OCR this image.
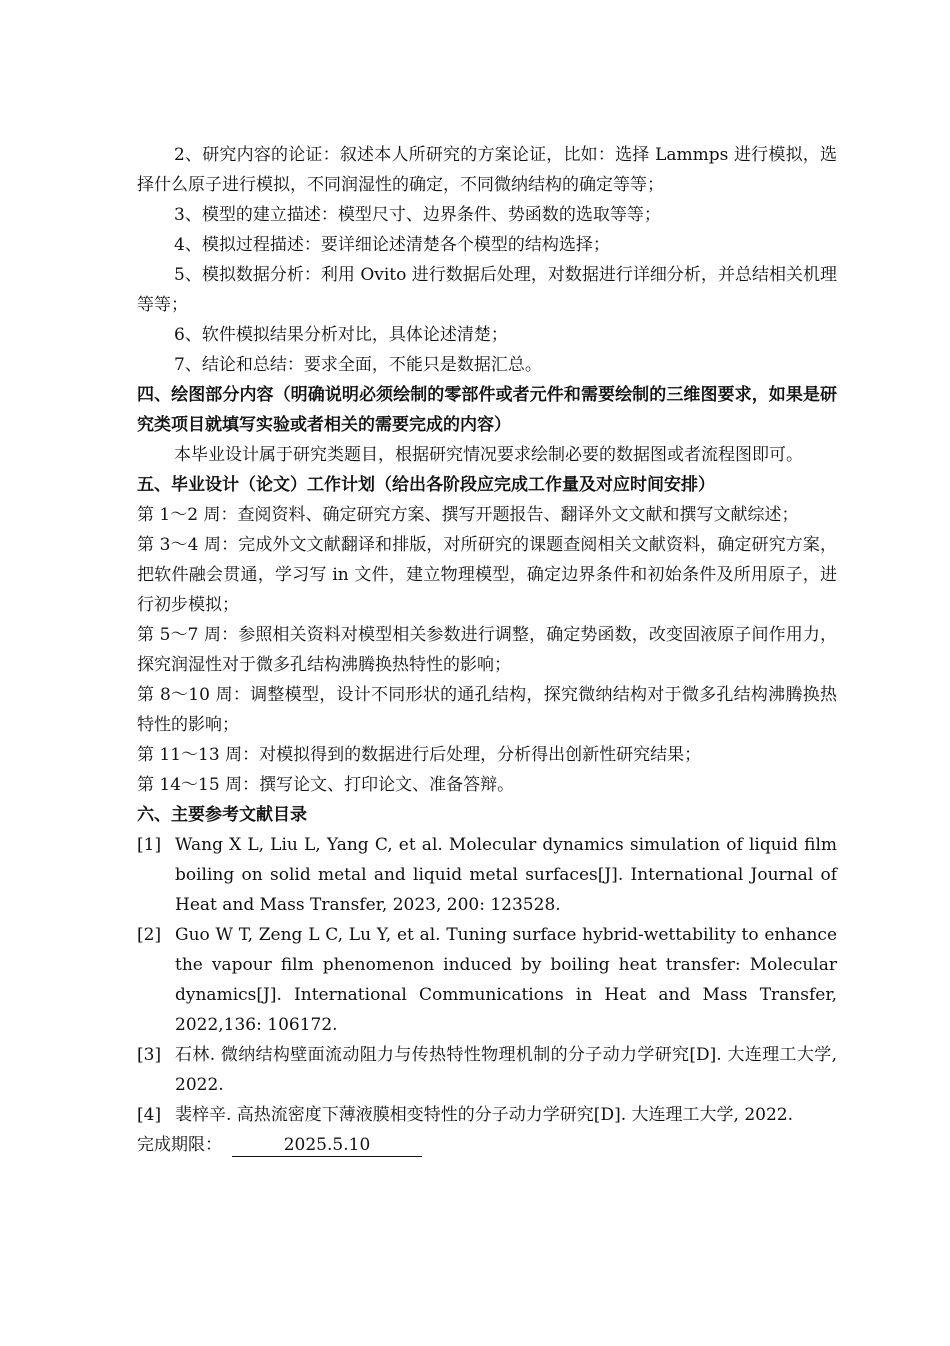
2、研究内容的论证：叙述本人所研究的方案论证，比如：选择 Lammps 进行模拟，选择什么原子进行模拟，不同润湿性的确定，不同微纳结构的确定等等；

3、模型的建立描述：模型尺寸、边界条件、势函数的选取等等；

4、模拟过程描述：要详细论述清楚各个模型的结构选择；

5、模拟数据分析：利用 Ovito 进行数据后处理，对数据进行详细分析，并总结相关机理等等；

6、软件模拟结果分析对比，具体论述清楚；

7、结论和总结：要求全面，不能只是数据汇总。

四、绘图部分内容（明确说明必须绘制的零部件或者元件和需要绘制的三维图要求，如果是研究类项目就填写实验或者相关的需要完成的内容）

本毕业设计属于研究类题目，根据研究情况要求绘制必要的数据图或者流程图即可。

五、毕业设计（论文）工作计划（给出各阶段应完成工作量及对应时间安排）

第 1～2 周：查阅资料、确定研究方案、撰写开题报告、翻译外文文献和撰写文献综述；

第 3～4 周：完成外文文献翻译和排版，对所研究的课题查阅相关文献资料，确定研究方案，把软件融会贯通，学习写 in 文件，建立物理模型，确定边界条件和初始条件及所用原子，进行初步模拟；

第 5～7 周：参照相关资料对模型相关参数进行调整，确定势函数，改变固液原子间作用力，探究润湿性对于微多孔结构沸腾换热特性的影响；

第 8～10 周：调整模型，设计不同形状的通孔结构，探究微纳结构对于微多孔结构沸腾换热特性的影响；

第 11～13 周：对模拟得到的数据进行后处理，分析得出创新性研究结果；

第 14～15 周：撰写论文、打印论文、准备答辩。

六、主要参考文献目录

[1] Wang X L, Liu L, Yang C, et al. Molecular dynamics simulation of liquid film boiling on solid metal and liquid metal surfaces[J]. International Journal of Heat and Mass Transfer, 2023, 200: 123528.
[2] Guo W T, Zeng L C, Lu Y, et al. Tuning surface hybrid-wettability to enhance the vapour film phenomenon induced by boiling heat transfer: Molecular dynamics[J]. International Communications in Heat and Mass Transfer, 2022,136: 106172.
[3] 石林. 微纳结构壁面流动阻力与传热特性物理机制的分子动力学研究[D]. 大连理工大学, 2022.
[4] 裴梓辛. 高热流密度下薄液膜相变特性的分子动力学研究[D]. 大连理工大学, 2022.

完成期限：	2025.5.10
